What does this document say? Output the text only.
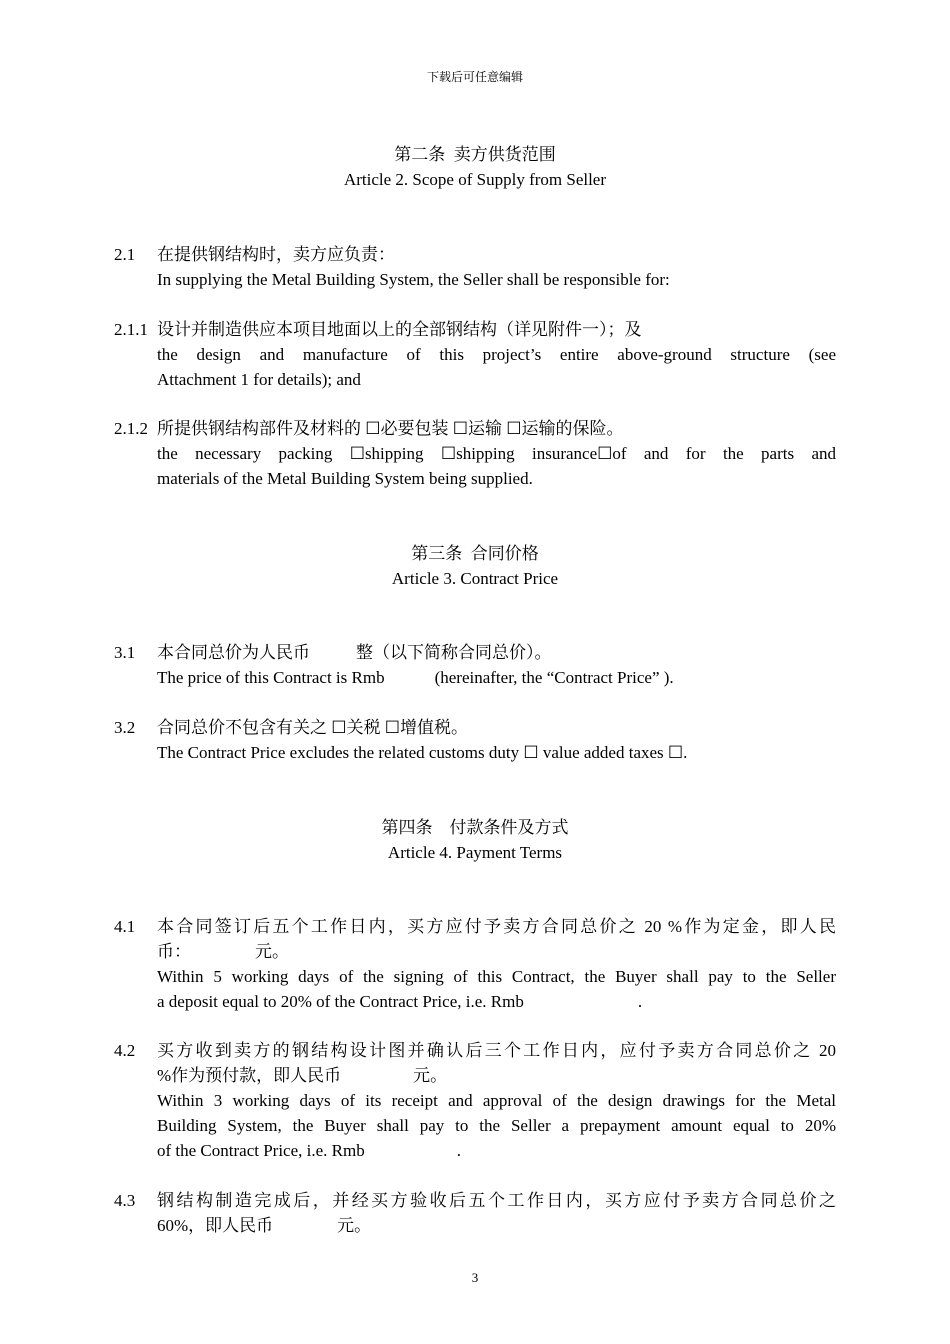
下载后可任意编辑
第二条  卖方供货范围
Article 2. Scope of Supply from Seller
2.1 在提供钢结构时，卖方应负责：
In supplying the Metal Building System, the Seller shall be responsible for:
2.1.1 设计并制造供应本项目地面以上的全部钢结构（详见附件一）；及
the design and manufacture of this project’s entire above-ground structure (see
Attachment 1 for details); and
2.1.2 所提供钢结构部件及材料的 ☐必要包装 ☐运输 ☐运输的保险。
the necessary packing ☐shipping ☐shipping insurance☐of and for the parts and
materials of the Metal Building System being supplied.
第三条  合同价格
Article 3. Contract Price
3.1 本合同总价为人民币	整（以下简称合同总价）。
The price of this Contract is Rmb	(hereinafter, the “Contract Price” ).
3.2 合同总价不包含有关之 ☐关税 ☐增值税。
The Contract Price excludes the related customs duty ☐ value added taxes ☐.
第四条    付款条件及方式
Article 4. Payment Terms
4.1 本合同签订后五个工作日内，买方应付予卖方合同总价之 20 %作为定金，即人民
币：	元。
Within 5 working days of the signing of this Contract, the Buyer shall pay to the Seller
a deposit equal to 20% of the Contract Price, i.e. Rmb	.
4.2 买方收到卖方的钢结构设计图并确认后三个工作日内，应付予卖方合同总价之 20
%作为预付款，即人民币	元。
Within 3 working days of its receipt and approval of the design drawings for the Metal
Building System, the Buyer shall pay to the Seller a prepayment amount equal to 20%
of the Contract Price, i.e. Rmb	.
4.3 钢结构制造完成后，并经买方验收后五个工作日内，买方应付予卖方合同总价之
60%，即人民币	元。
3
